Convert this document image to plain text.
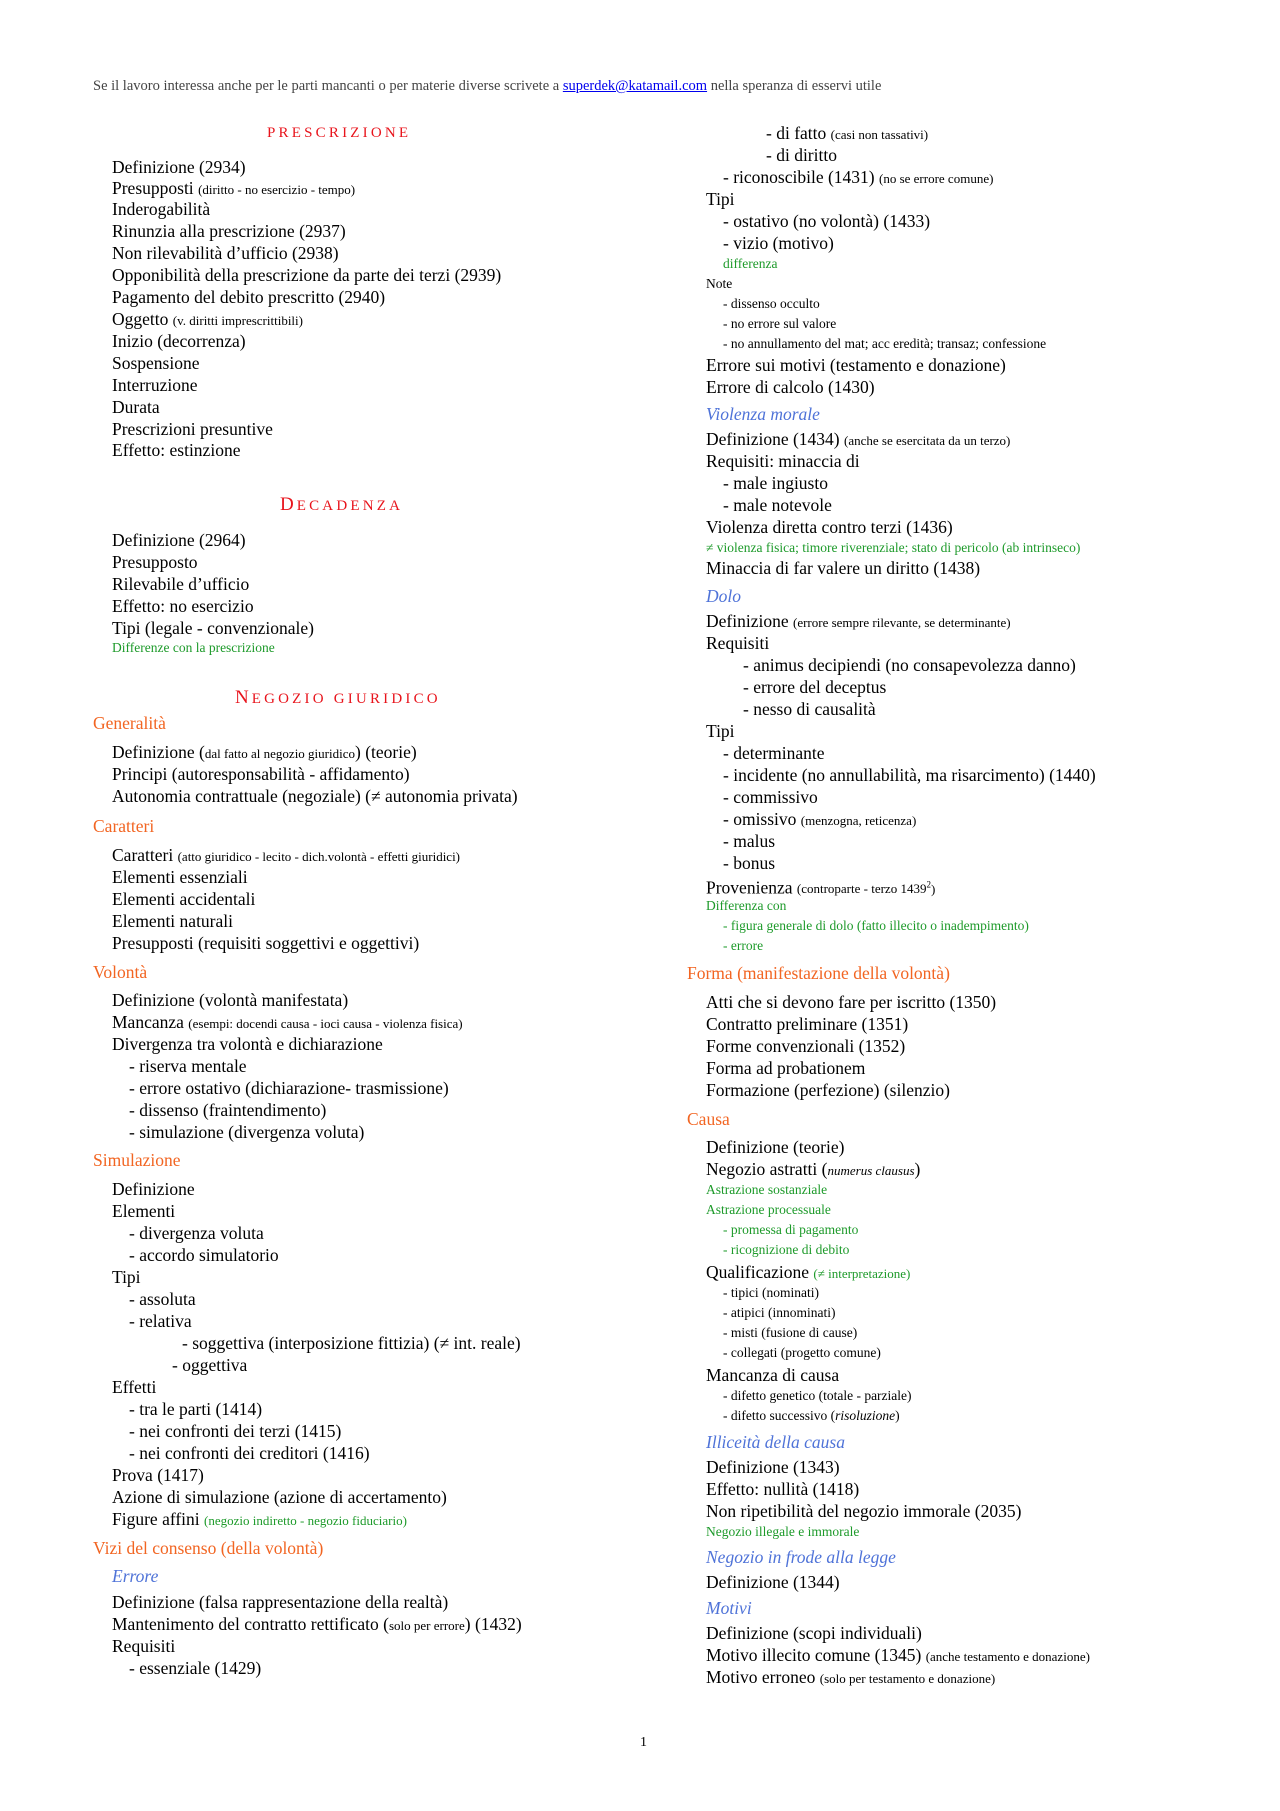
Se il lavoro interessa anche per le parti mancanti o per materie diverse scrivete a superdek@katamail.com nella speranza di esservi utile
PRESCRIZIONE
Definizione (2934)
Presupposti (diritto - no esercizio - tempo)
Inderogabilità
Rinunzia alla prescrizione (2937)
Non rilevabilità d’ufficio (2938)
Opponibilità della prescrizione da parte dei terzi (2939)
Pagamento del debito prescritto (2940)
Oggetto (v. diritti imprescrittibili)
Inizio (decorrenza)
Sospensione
Interruzione
Durata
Prescrizioni presuntive
Effetto: estinzione
DECADENZA
Definizione (2964)
Presupposto
Rilevabile d’ufficio
Effetto: no esercizio
Tipi (legale - convenzionale)
Differenze con la prescrizione
NEGOZIO GIURIDICO
Generalità
Definizione (dal fatto al negozio giuridico) (teorie)
Principi (autoresponsabilità - affidamento)
Autonomia contrattuale (negoziale) (≠ autonomia privata)
Caratteri
Caratteri (atto giuridico - lecito - dich.volontà - effetti giuridici)
Elementi essenziali
Elementi accidentali
Elementi naturali
Presupposti (requisiti soggettivi e oggettivi)
Volontà
Definizione (volontà manifestata)
Mancanza (esempi: docendi causa - ioci causa - violenza fisica)
Divergenza tra volontà e dichiarazione
- riserva mentale
- errore ostativo (dichiarazione- trasmissione)
- dissenso (fraintendimento)
- simulazione (divergenza voluta)
Simulazione
Definizione
Elementi
- divergenza voluta
- accordo simulatorio
Tipi
- assoluta
- relativa
- soggettiva (interposizione fittizia) (≠ int. reale)
- oggettiva
Effetti
- tra le parti (1414)
- nei confronti dei terzi (1415)
- nei confronti dei creditori (1416)
Prova (1417)
Azione di simulazione (azione di accertamento)
Figure affini (negozio indiretto - negozio fiduciario)
Vizi del consenso (della volontà)
Errore
Definizione (falsa rappresentazione della realtà)
Mantenimento del contratto rettificato (solo per errore) (1432)
Requisiti
- essenziale (1429)
- di fatto (casi non tassativi)
- di diritto
- riconoscibile (1431) (no se errore comune)
Tipi
- ostativo (no volontà) (1433)
- vizio (motivo)
differenza
Note
- dissenso occulto
- no errore sul valore
- no annullamento del mat; acc eredità; transaz; confessione
Errore sui motivi (testamento e donazione)
Errore di calcolo (1430)
Violenza morale
Definizione (1434) (anche se esercitata da un terzo)
Requisiti: minaccia di
- male ingiusto
- male notevole
Violenza diretta contro terzi (1436)
≠ violenza fisica; timore riverenziale; stato di pericolo (ab intrinseco)
Minaccia di far valere un diritto (1438)
Dolo
Definizione (errore sempre rilevante, se determinante)
Requisiti
- animus decipiendi (no consapevolezza danno)
- errore del deceptus
- nesso di causalità
Tipi
- determinante
- incidente (no annullabilità, ma risarcimento) (1440)
- commissivo
- omissivo (menzogna, reticenza)
- malus
- bonus
Provenienza (controparte - terzo 1439$^2$)
Differenza con
- figura generale di dolo (fatto illecito o inadempimento)
- errore
Forma (manifestazione della volontà)
Atti che si devono fare per iscritto (1350)
Contratto preliminare (1351)
Forme convenzionali (1352)
Forma ad probationem
Formazione (perfezione) (silenzio)
Causa
Definizione (teorie)
Negozio astratti (numerus clausus)
Astrazione sostanziale
Astrazione processuale
- promessa di pagamento
- ricognizione di debito
Qualificazione (≠ interpretazione)
- tipici (nominati)
- atipici (innominati)
- misti (fusione di cause)
- collegati (progetto comune)
Mancanza di causa
- difetto genetico (totale - parziale)
- difetto successivo (risoluzione)
Illiceità della causa
Definizione (1343)
Effetto: nullità (1418)
Non ripetibilità del negozio immorale (2035)
Negozio illegale e immorale
Negozio in frode alla legge
Definizione (1344)
Motivi
Definizione (scopi individuali)
Motivo illecito comune (1345) (anche testamento e donazione)
Motivo erroneo (solo per testamento e donazione)
1
